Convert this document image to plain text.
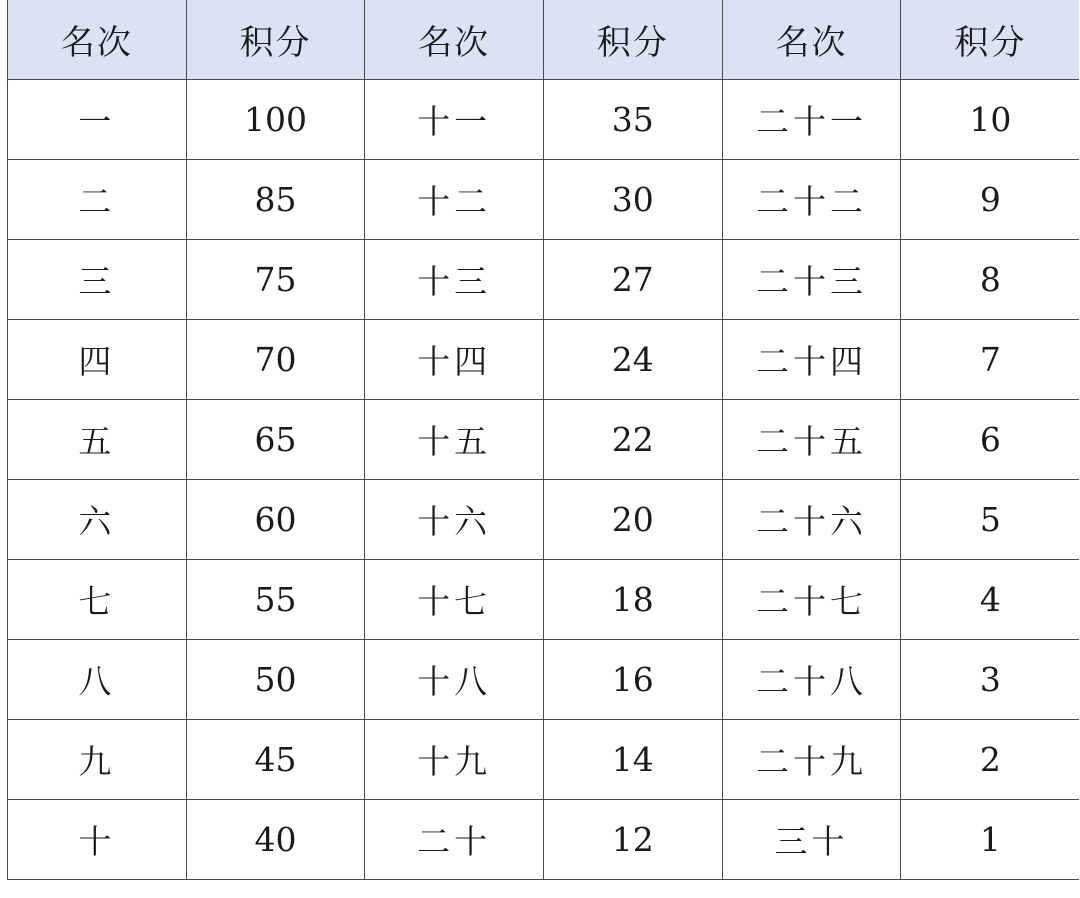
名次	积分	名次	积分	名次	积分
一	100	十一	35	二十一	10
二	85	十二	30	二十二	9
三	75	十三	27	二十三	8
四	70	十四	24	二十四	7
五	65	十五	22	二十五	6
六	60	十六	20	二十六	5
七	55	十七	18	二十七	4
八	50	十八	16	二十八	3
九	45	十九	14	二十九	2
十	40	二十	12	三十	1
